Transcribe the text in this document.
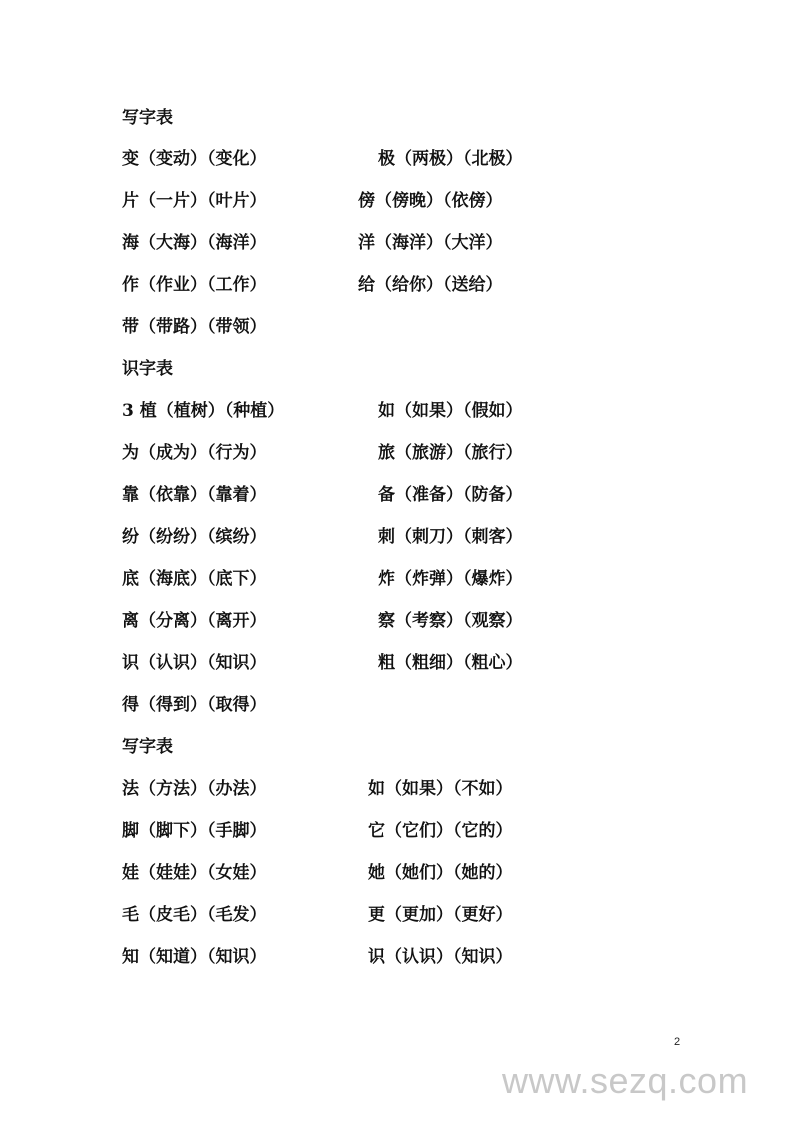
写字表
变（变动）（变化）	极（两极）（北极）
片（一片）（叶片）	傍（傍晚）（依傍）
海（大海）（海洋）	洋（海洋）（大洋）
作（作业）（工作）	给（给你）（送给）
带（带路）（带领）
识字表
3 植（植树）（种植）	如（如果）（假如）
为（成为）（行为）	旅（旅游）（旅行）
靠（依靠）（靠着）	备（准备）（防备）
纷（纷纷）（缤纷）	刺（刺刀）（刺客）
底（海底）（底下）	炸（炸弹）（爆炸）
离（分离）（离开）	察（考察）（观察）
识（认识）（知识）	粗（粗细）（粗心）
得（得到）（取得）
写字表
法（方法）（办法）	如（如果）（不如）
脚（脚下）（手脚）	它（它们）（它的）
娃（娃娃）（女娃）	她（她们）（她的）
毛（皮毛）（毛发）	更（更加）（更好）
知（知道）（知识）	识（认识）（知识）
2
www.sezq.com
